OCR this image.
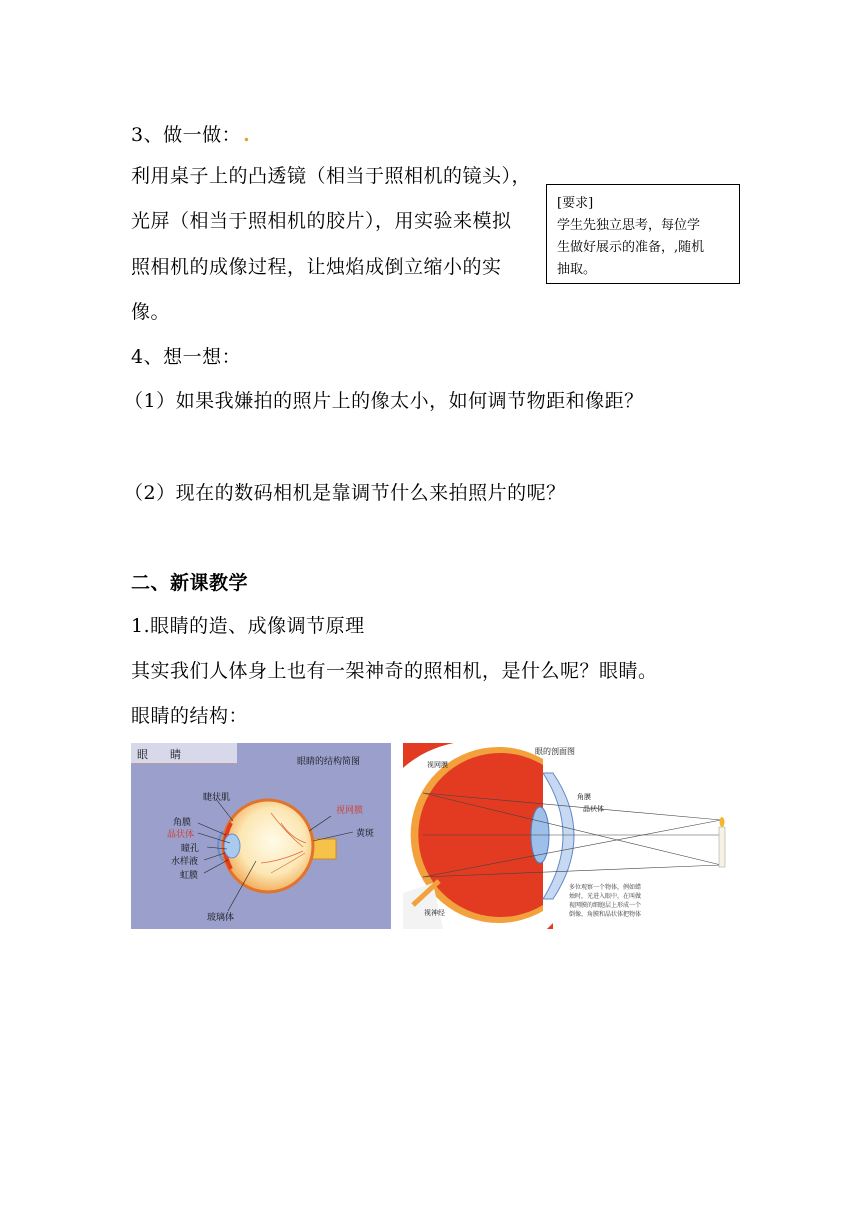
3、做一做： .
利用桌子上的凸透镜（相当于照相机的镜头），
光屏（相当于照相机的胶片），用实验来模拟
照相机的成像过程，让烛焰成倒立缩小的实
像。
[要求]
学生先独立思考，每位学
生做好展示的准备，,随机
抽取。
4、想一想：
（1）如果我嫌拍的照片上的像太小，如何调节物距和像距？
（2）现在的数码相机是靠调节什么来拍照片的呢？
二、新课教学
1.眼睛的造、成像调节原理
其实我们人体身上也有一架神奇的照相机，是什么呢？眼睛。
眼睛的结构：
眼　　睛
眼睛的结构简图
睫状肌
角膜
晶状体
瞳孔
水样液
虹膜
视网膜
黄斑
玻璃体
眼的剖面图
视网膜
角膜
晶状体
视神经
多位观察一个物体，例如蜡
烛时，光进入眼中，在叫做
视网膜的细胞层上形成一个
倒像，角膜和晶状体把物体
